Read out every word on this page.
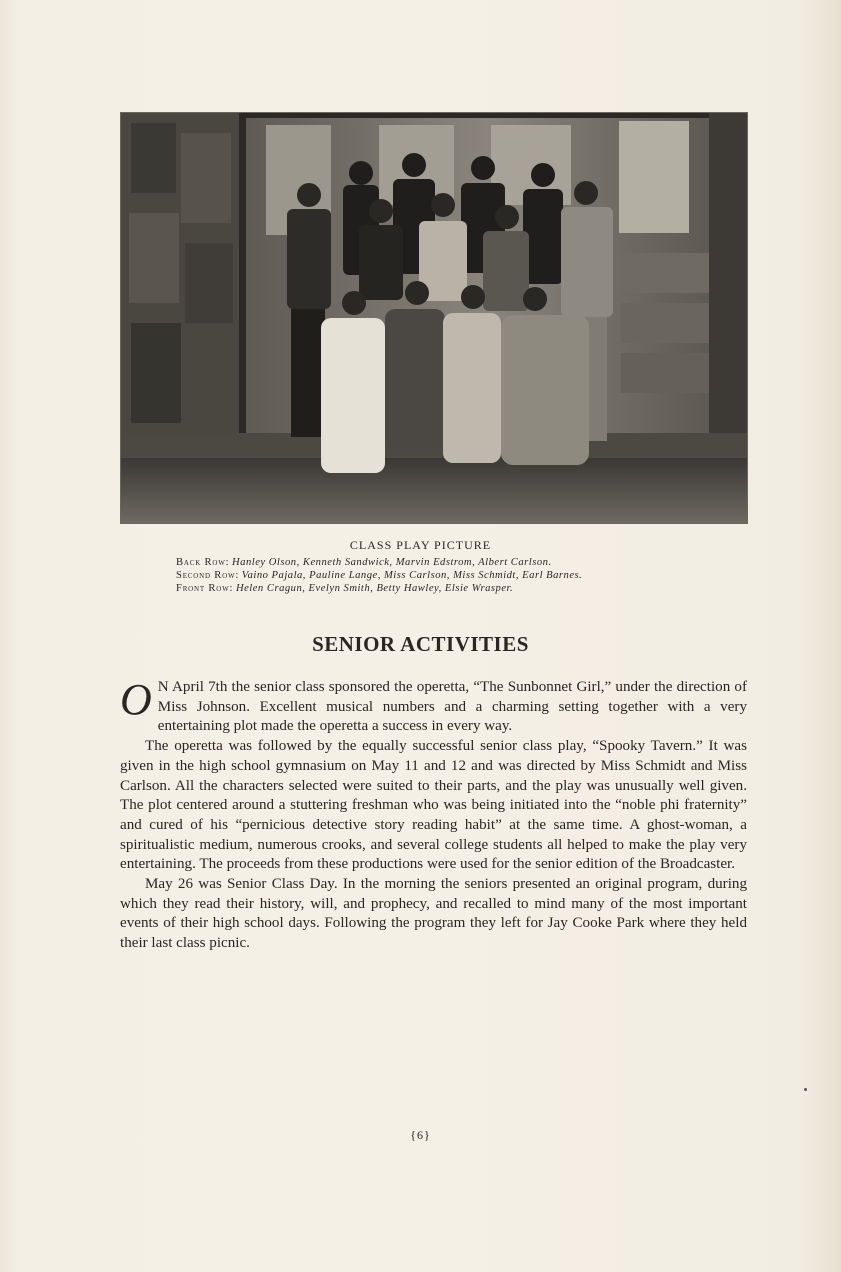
CLASS PLAY PICTURE
Back Row: Hanley Olson, Kenneth Sandwick, Marvin Edstrom, Albert Carlson.
Second Row: Vaino Pajala, Pauline Lange, Miss Carlson, Miss Schmidt, Earl Barnes.
Front Row: Helen Cragun, Evelyn Smith, Betty Hawley, Elsie Wrasper.
SENIOR ACTIVITIES

O N April 7th the senior class sponsored the operetta, “The Sunbonnet Girl,” under the direction of Miss Johnson. Excellent musical numbers and a charming setting together with a very entertaining plot made the operetta a success in every way.

The operetta was followed by the equally successful senior class play, “Spooky Tavern.” It was given in the high school gymnasium on May 11 and 12 and was directed by Miss Schmidt and Miss Carlson. All the characters selected were suited to their parts, and the play was unusually well given. The plot centered around a stuttering freshman who was being initiated into the “noble phi fraternity” and cured of his “pernicious detective story reading habit” at the same time. A ghost-woman, a spiritualistic medium, numerous crooks, and several college students all helped to make the play very entertaining. The proceeds from these productions were used for the senior edition of the Broadcaster.

May 26 was Senior Class Day. In the morning the seniors presented an original program, during which they read their history, will, and prophecy, and recalled to mind many of the most important events of their high school days. Following the program they left for Jay Cooke Park where they held their last class picnic.

{6}
